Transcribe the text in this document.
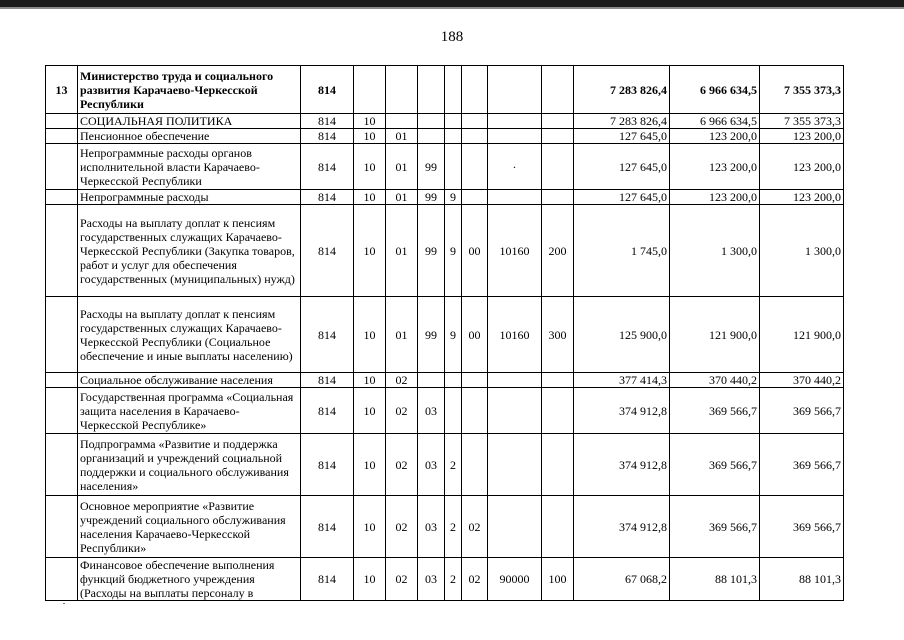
188
13	Министерство труда и социального развития Карачаево-Черкесской Республики	814								7 283 826,4	6 966 634,5	7 355 373,3
	СОЦИАЛЬНАЯ ПОЛИТИКА	814	10							7 283 826,4	6 966 634,5	7 355 373,3
	Пенсионное обеспечение	814	10	01						127 645,0	123 200,0	123 200,0
	Непрограммные расходы органов исполнительной власти Карачаево-Черкесской Республики	814	10	01	99			·		127 645,0	123 200,0	123 200,0
	Непрограммные расходы	814	10	01	99	9				127 645,0	123 200,0	123 200,0
	Расходы на выплату доплат к пенсиям государственных служащих Карачаево-Черкесской Республики (Закупка товаров, работ и услуг для обеспечения государственных (муниципальных) нужд)	814	10	01	99	9	00	10160	200	1 745,0	1 300,0	1 300,0
	Расходы на выплату доплат к пенсиям государственных служащих Карачаево-Черкесской Республики (Социальное обеспечение и иные выплаты населению)	814	10	01	99	9	00	10160	300	125 900,0	121 900,0	121 900,0
	Социальное обслуживание населения	814	10	02						377 414,3	370 440,2	370 440,2
	Государственная программа «Социальная защита населения в Карачаево-Черкесской Республике»	814	10	02	03					374 912,8	369 566,7	369 566,7
	Подпрограмма «Развитие и поддержка организаций и учреждений социальной поддержки и социального обслуживания населения»	814	10	02	03	2				374 912,8	369 566,7	369 566,7
	Основное мероприятие «Развитие учреждений социального обслуживания населения Карачаево-Черкесской Республики»	814	10	02	03	2	02			374 912,8	369 566,7	369 566,7
	Финансовое обеспечение выполнения функций бюджетного учреждения (Расходы на выплаты персоналу в	814	10	02	03	2	02	90000	100	67 068,2	88 101,3	88 101,3
